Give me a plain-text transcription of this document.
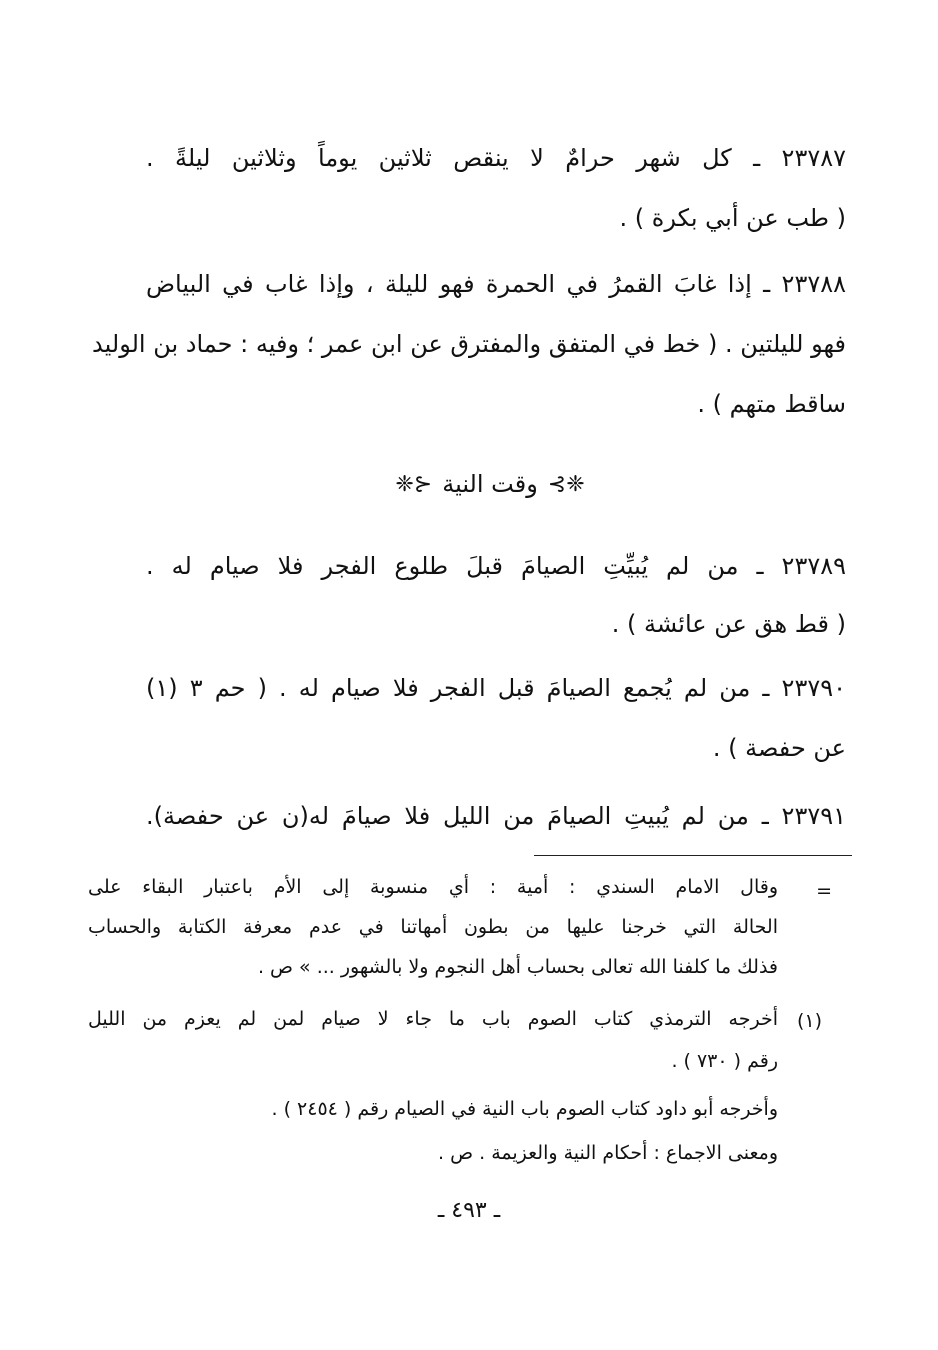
٢٣٧٨٧ ـ كل شهر حرامٌ لا ينقص ثلاثين يوماً وثلاثين ليلةً .
( طب عن أبي بكرة ) .
٢٣٧٨٨ ـ إذا غابَ القمرُ في الحمرة فهو لليلة ، وإذا غاب في البياض
فهو لليلتين . ( خط في المتفق والمفترق عن ابن عمر ؛ وفيه : حماد بن الوليد
ساقط متهم ) .
❈⊱
وقت النية
⊰❈
٢٣٧٨٩ ـ من لم يُبيِّتِ الصيامَ قبلَ طلوع الفجر فلا صيام له .
( قط هق عن عائشة ) .
٢٣٧٩٠ ـ من لم يُجمع الصيامَ قبل الفجر فلا صيام له . ( حم ٣ (١)
عن حفصة ) .
٢٣٧٩١ ـ من لم يُبيتِ الصيامَ من الليل فلا صيامَ له(ن عن حفصة).
=
وقال الامام السندي : أمية : أي منسوبة إلى الأم باعتبار البقاء على
الحالة التي خرجنا عليها من بطون أمهاتنا في عدم معرفة الكتابة والحساب
فذلك ما كلفنا الله تعالى بحساب أهل النجوم ولا بالشهور ... » ص .
(١)
أخرجه الترمذي كتاب الصوم باب ما جاء لا صيام لمن لم يعزم من الليل
رقم ( ٧٣٠ ) .
وأخرجه أبو داود كتاب الصوم باب النية في الصيام رقم ( ٢٤٥٤ ) .
ومعنى الاجماع : أحكام النية والعزيمة . ص .
ـ ٤٩٣ ـ
